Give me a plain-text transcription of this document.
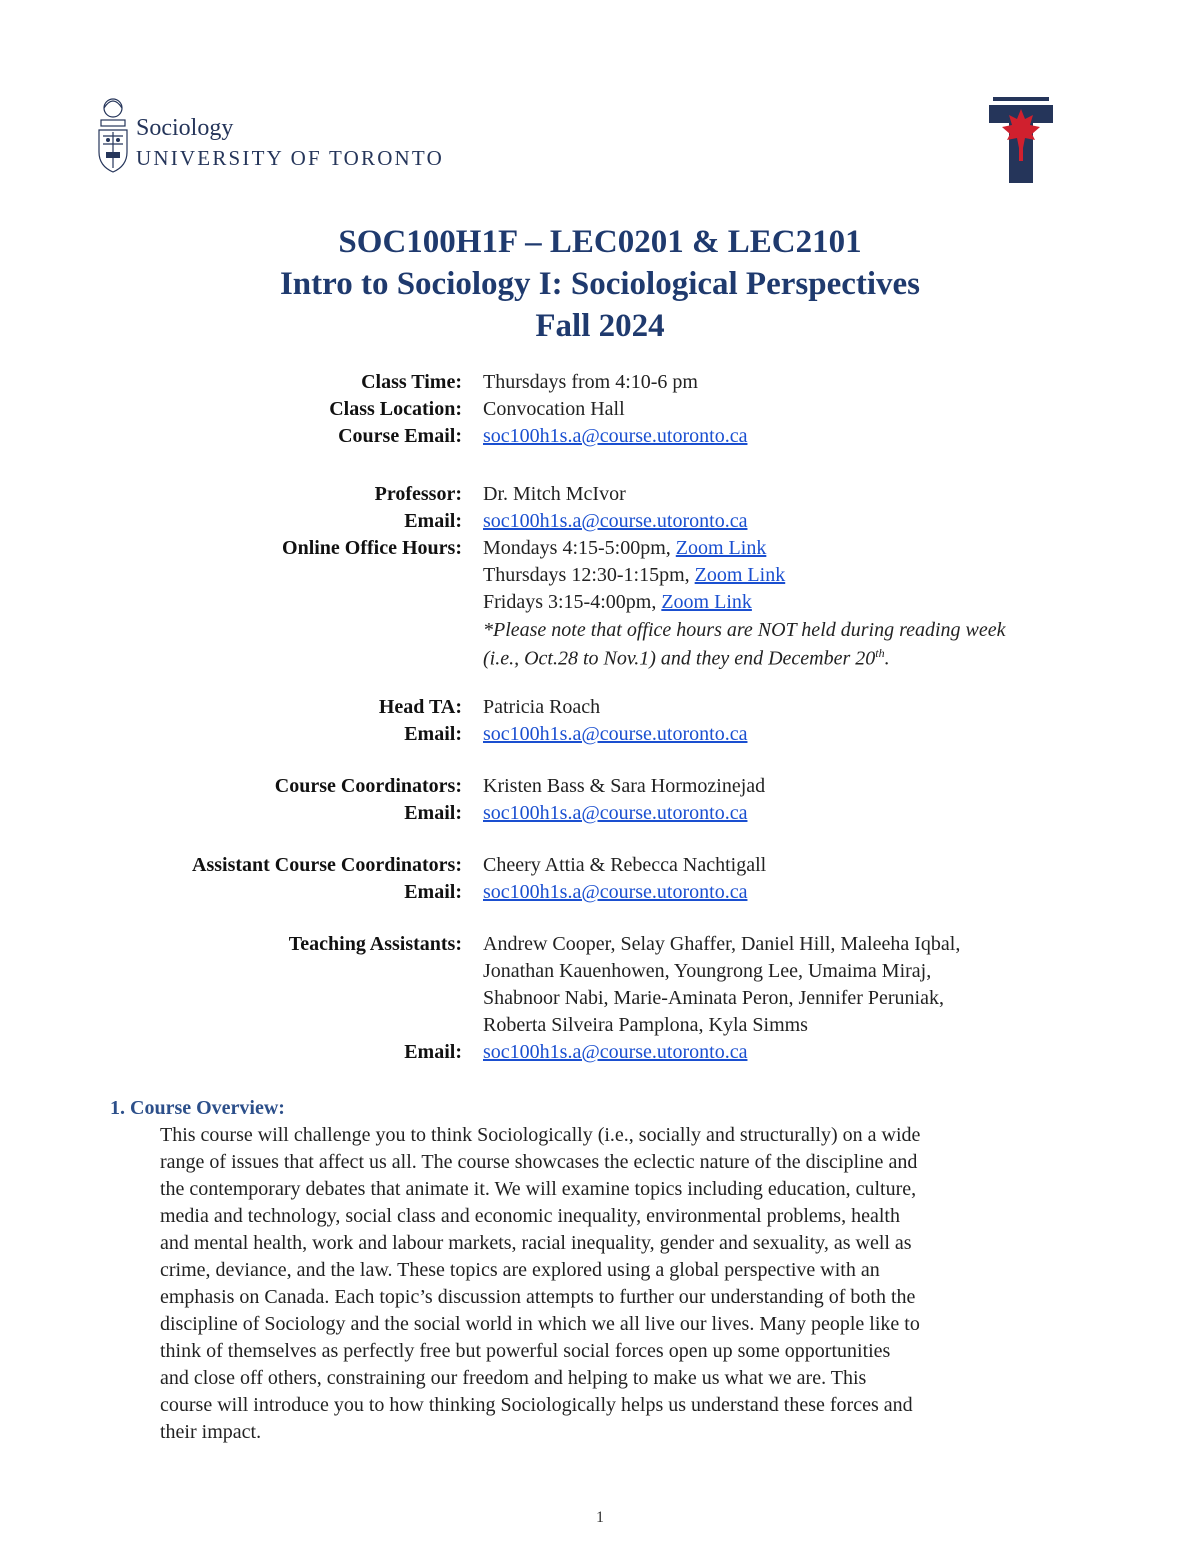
Sociology
UNIVERSITY OF TORONTO
SOC100H1F – LEC0201 & LEC2101
Intro to Sociology I: Sociological Perspectives
Fall 2024
Class Time: Thursdays from 4:10-6 pm
Class Location: Convocation Hall
Course Email: soc100h1s.a@course.utoronto.ca
Professor: Dr. Mitch McIvor
Email: soc100h1s.a@course.utoronto.ca
Online Office Hours: Mondays 4:15-5:00pm, Zoom Link
Thursdays 12:30-1:15pm, Zoom Link
Fridays 3:15-4:00pm, Zoom Link
*Please note that office hours are NOT held during reading week
(i.e., Oct.28 to Nov.1) and they end December 20th.
Head TA: Patricia Roach
Email: soc100h1s.a@course.utoronto.ca
Course Coordinators: Kristen Bass & Sara Hormozinejad
Email: soc100h1s.a@course.utoronto.ca
Assistant Course Coordinators: Cheery Attia & Rebecca Nachtigall
Email: soc100h1s.a@course.utoronto.ca
Teaching Assistants: Andrew Cooper, Selay Ghaffer, Daniel Hill, Maleeha Iqbal,
Jonathan Kauenhowen, Youngrong Lee, Umaima Miraj,
Shabnoor Nabi, Marie-Aminata Peron, Jennifer Peruniak,
Roberta Silveira Pamplona, Kyla Simms
Email: soc100h1s.a@course.utoronto.ca
1. Course Overview:
This course will challenge you to think Sociologically (i.e., socially and structurally) on a wide
range of issues that affect us all. The course showcases the eclectic nature of the discipline and
the contemporary debates that animate it. We will examine topics including education, culture,
media and technology, social class and economic inequality, environmental problems, health
and mental health, work and labour markets, racial inequality, gender and sexuality, as well as
crime, deviance, and the law. These topics are explored using a global perspective with an
emphasis on Canada. Each topic’s discussion attempts to further our understanding of both the
discipline of Sociology and the social world in which we all live our lives. Many people like to
think of themselves as perfectly free but powerful social forces open up some opportunities
and close off others, constraining our freedom and helping to make us what we are. This
course will introduce you to how thinking Sociologically helps us understand these forces and
their impact.
1
